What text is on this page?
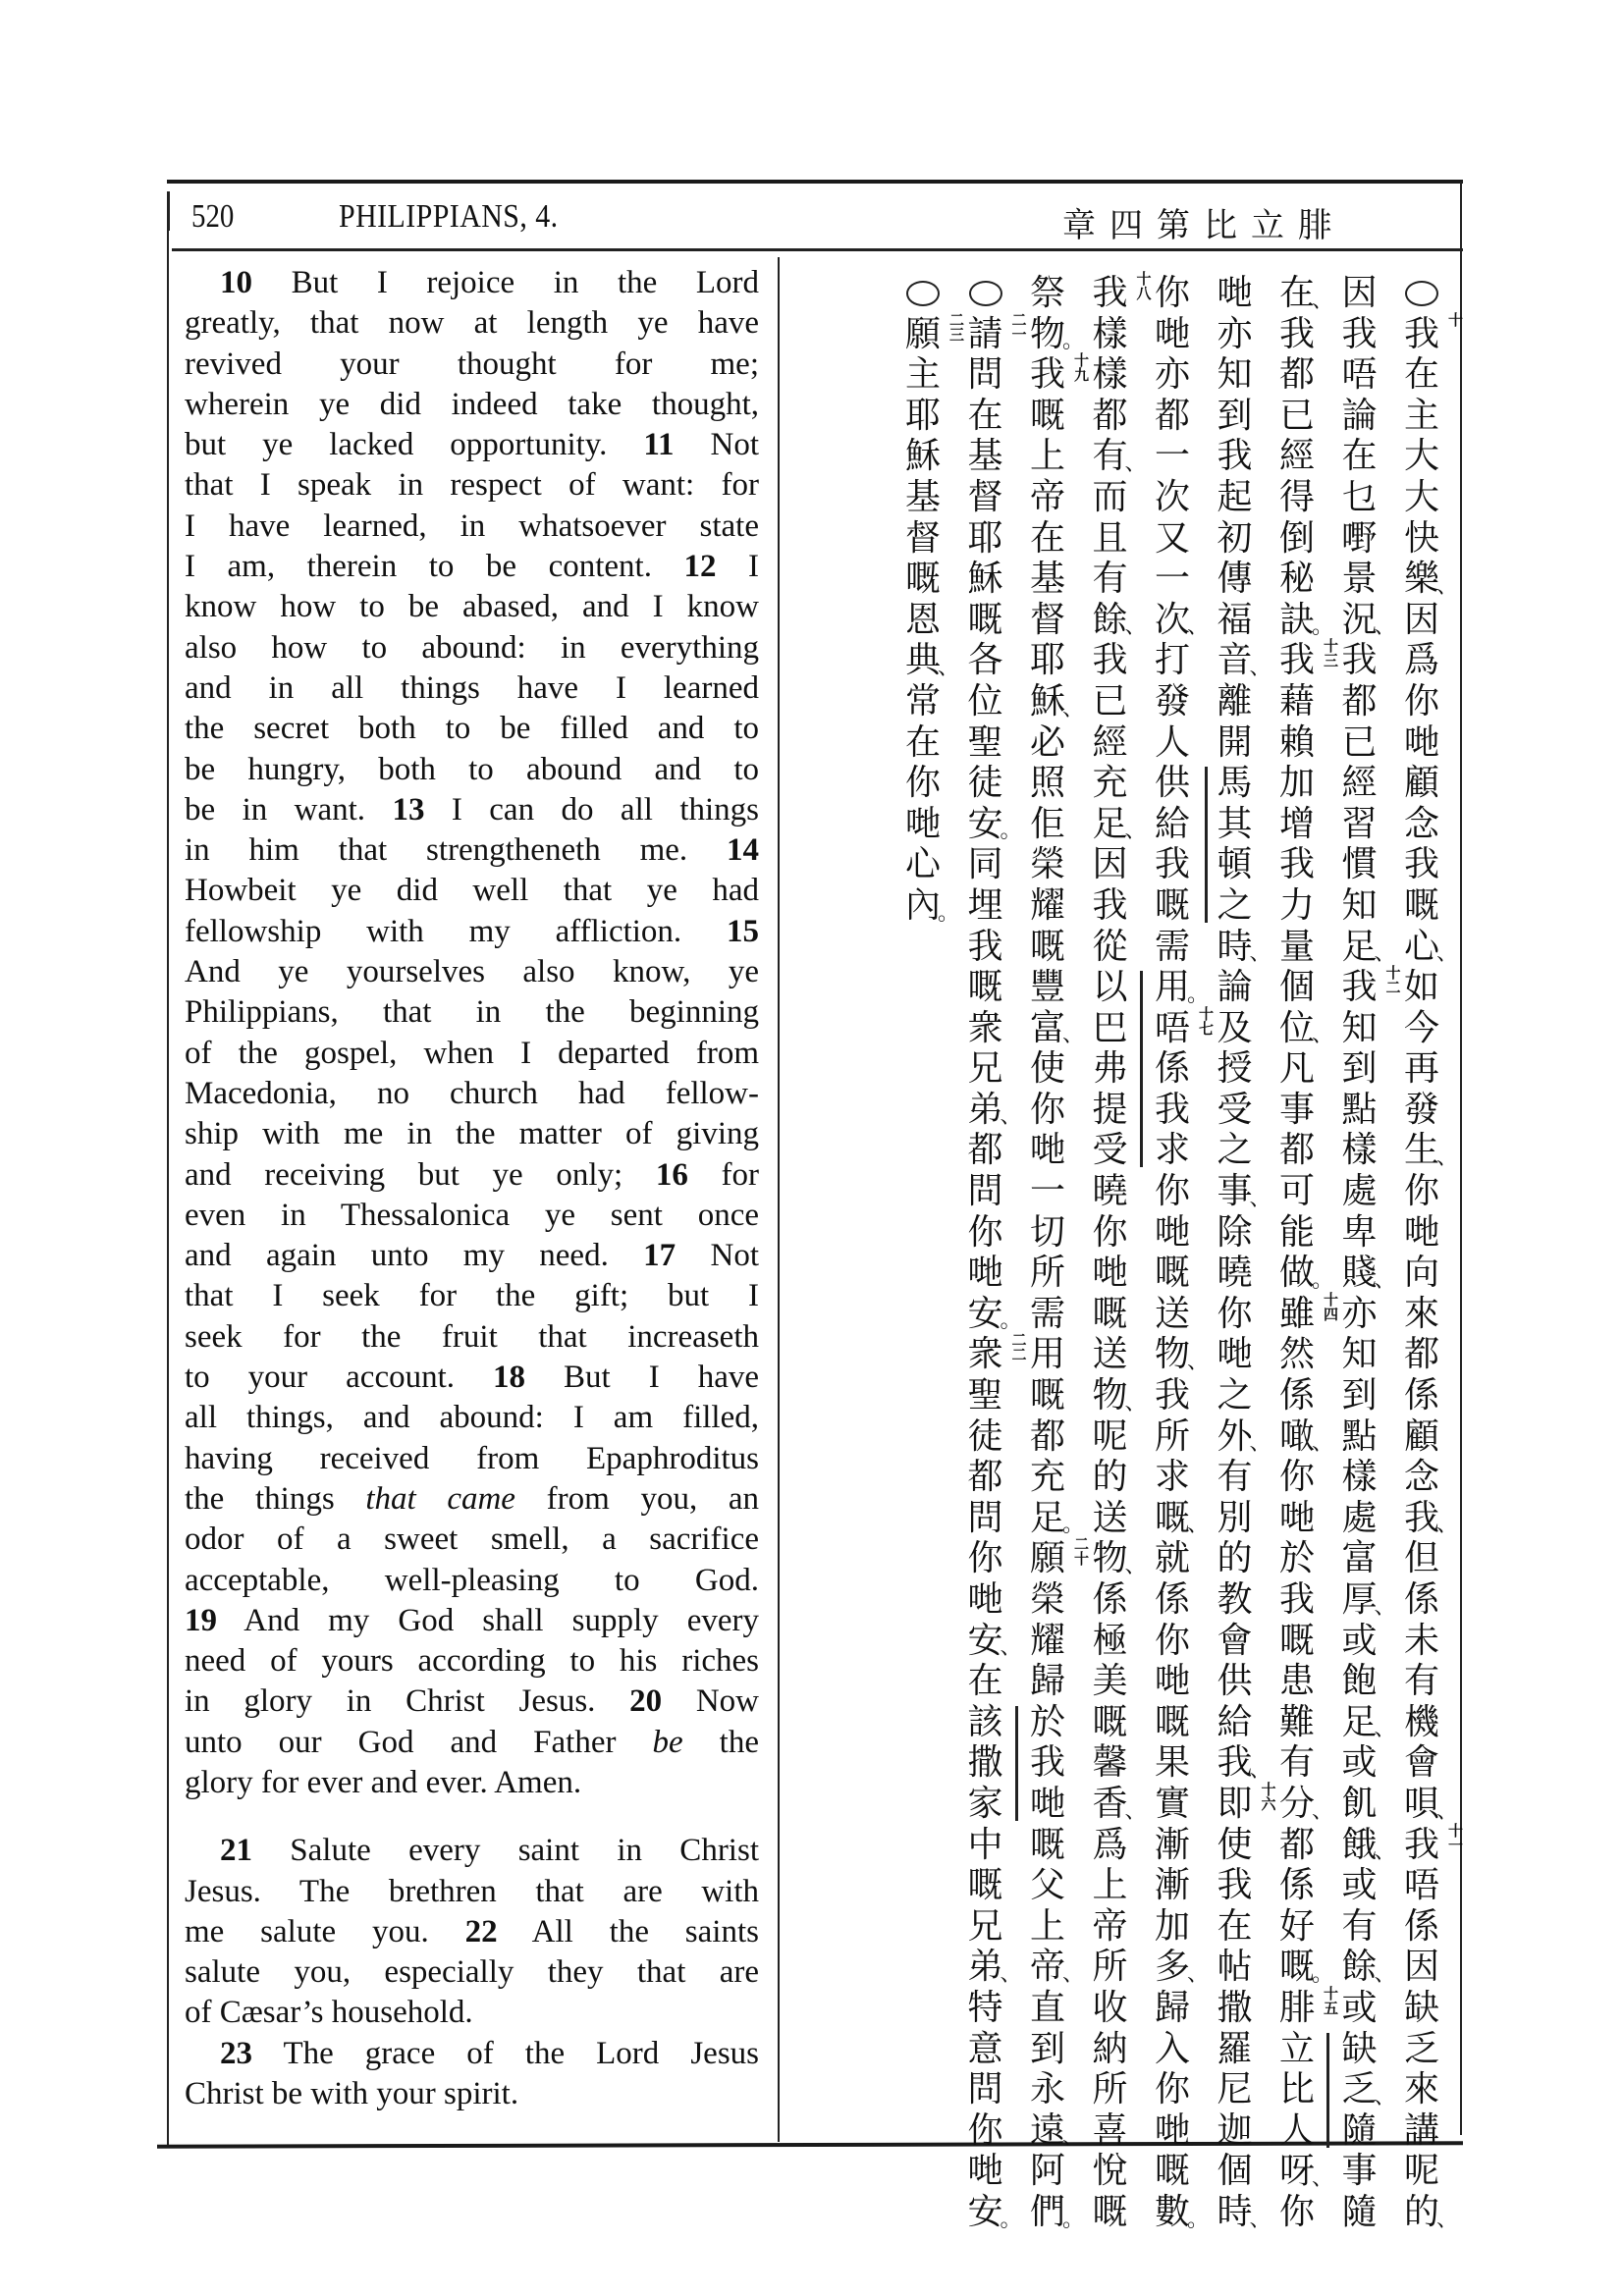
520	PHILIPPIANS, 4.	章四第比立腓
10 But I rejoice in the Lord
greatly, that now at length ye have
revived your thought for me;
wherein ye did indeed take thought,
but ye lacked opportunity. 11 Not
that I speak in respect of want: for
I have learned, in whatsoever state
I am, therein to be content. 12 I
know how to be abased, and I know
also how to abound: in everything
and in all things have I learned
the secret both to be filled and to
be hungry, both to abound and to
be in want. 13 I can do all things
in him that strengtheneth me. 14
Howbeit ye did well that ye had
fellowship with my affliction. 15
And ye yourselves also know, ye
Philippians, that in the beginning
of the gospel, when I departed from
Macedonia, no church had fellow-
ship with me in the matter of giving
and receiving but ye only; 16 for
even in Thessalonica ye sent once
and again unto my need. 17 Not
that I seek for the gift; but I
seek for the fruit that increaseth
to your account. 18 But I have
all things, and abound: I am filled,
having received from Epaphroditus
the things that came from you, an
odor of a sweet smell, a sacrifice
acceptable, well-pleasing to God.
19 And my God shall supply every
need of yours according to his riches
in glory in Christ Jesus. 20 Now
unto our God and Father be the
glory for ever and ever. Amen.
21 Salute every saint in Christ
Jesus. The brethren that are with
me salute you. 22 All the saints
salute you, especially they that are
of Cæsar’s household.
23 The grace of the Lord Jesus
Christ be with your spirit.
我 十
在
主
大
大
快
樂
、
因
爲
你
哋
顧
念
我
嘅
心
、
如
今
再
發
生
、
你
哋
向
來
都
係
顧
念
我
、
但
係
未
有
機
會
唄
、
我 十一
唔
係
因
缺
乏
來
講
呢
的
、
因
我
唔
論
在
乜
嘢
景
況
、
我
都
已
經
習
慣
知
足
、
我 十二
知
到
點
樣
處
卑
賤
、
亦
知
到
點
樣
處
富
厚
、
或
飽
足
、
或
飢
餓
、
或
有
餘
、
或
缺
乏
、
隨
事
隨
在
、
我
都
已
經
得
倒
秘
訣
。
我 十三
藉
賴
加
增
我
力
量
個
位
、
凡
事
都
可
能
做
。
雖 十四
然
係
噉
、
你
哋
於
我
嘅
患
難
有
分
、
都
係
好
嘅
。
腓 十五
立
比
人
呀
、
你
哋
亦
知
到
我
起
初
傳
福
音
、
離
開
馬
其
頓
之
時
、
論
及
授
受
之
事
、
除
曉
你
哋
之
外
、
有
別
的
教
會
供
給
我
、
即 十六
使
我
在
帖
撒
羅
尼
迦
個
時
、
你
哋
亦
都
一
次
又
一
次
、
打
發
人
供
給
我
嘅
需
用
。
唔 十七
係
我
求
你
哋
嘅
送
物
、
我
所
求
嘅
、
就
係
你
哋
嘅
果
實
漸
漸
加
多
、
歸
入
你
哋
嘅
數
。
我 十八
樣
樣
都
有
、
而
且
有
餘
、
我
已
經
充
足
、
因
我
從
以
巴
弗
提
受
曉
你
哋
嘅
送
物
、
呢
的
送
物
、
係
極
美
嘅
馨
香
、
爲
上
帝
所
收
納
所
喜
悅
嘅
祭
物
。
我 十九
嘅
上
帝
在
基
督
耶
穌
、
必
照
佢
榮
耀
嘅
豐
富
、
使
你
哋
一
切
所
需
用
嘅
都
充
足
。
願 二十
榮
耀
歸
於
我
哋
嘅
父
上
帝
、
直
到
永
遠
、
阿
們
。
請 二一
問
在
基
督
耶
穌
嘅
各
位
聖
徒
安
。
同
埋
我
嘅
衆
兄
弟
、
都
問
你
哋
安
。
衆 二二
聖
徒
都
問
你
哋
安
、
在
該
撒
家
中
嘅
兄
弟
、
特
意
問
你
哋
安
。
願 二三
主
耶
穌
基
督
嘅
恩
典
、
常
在
你
哋
心
內
。
